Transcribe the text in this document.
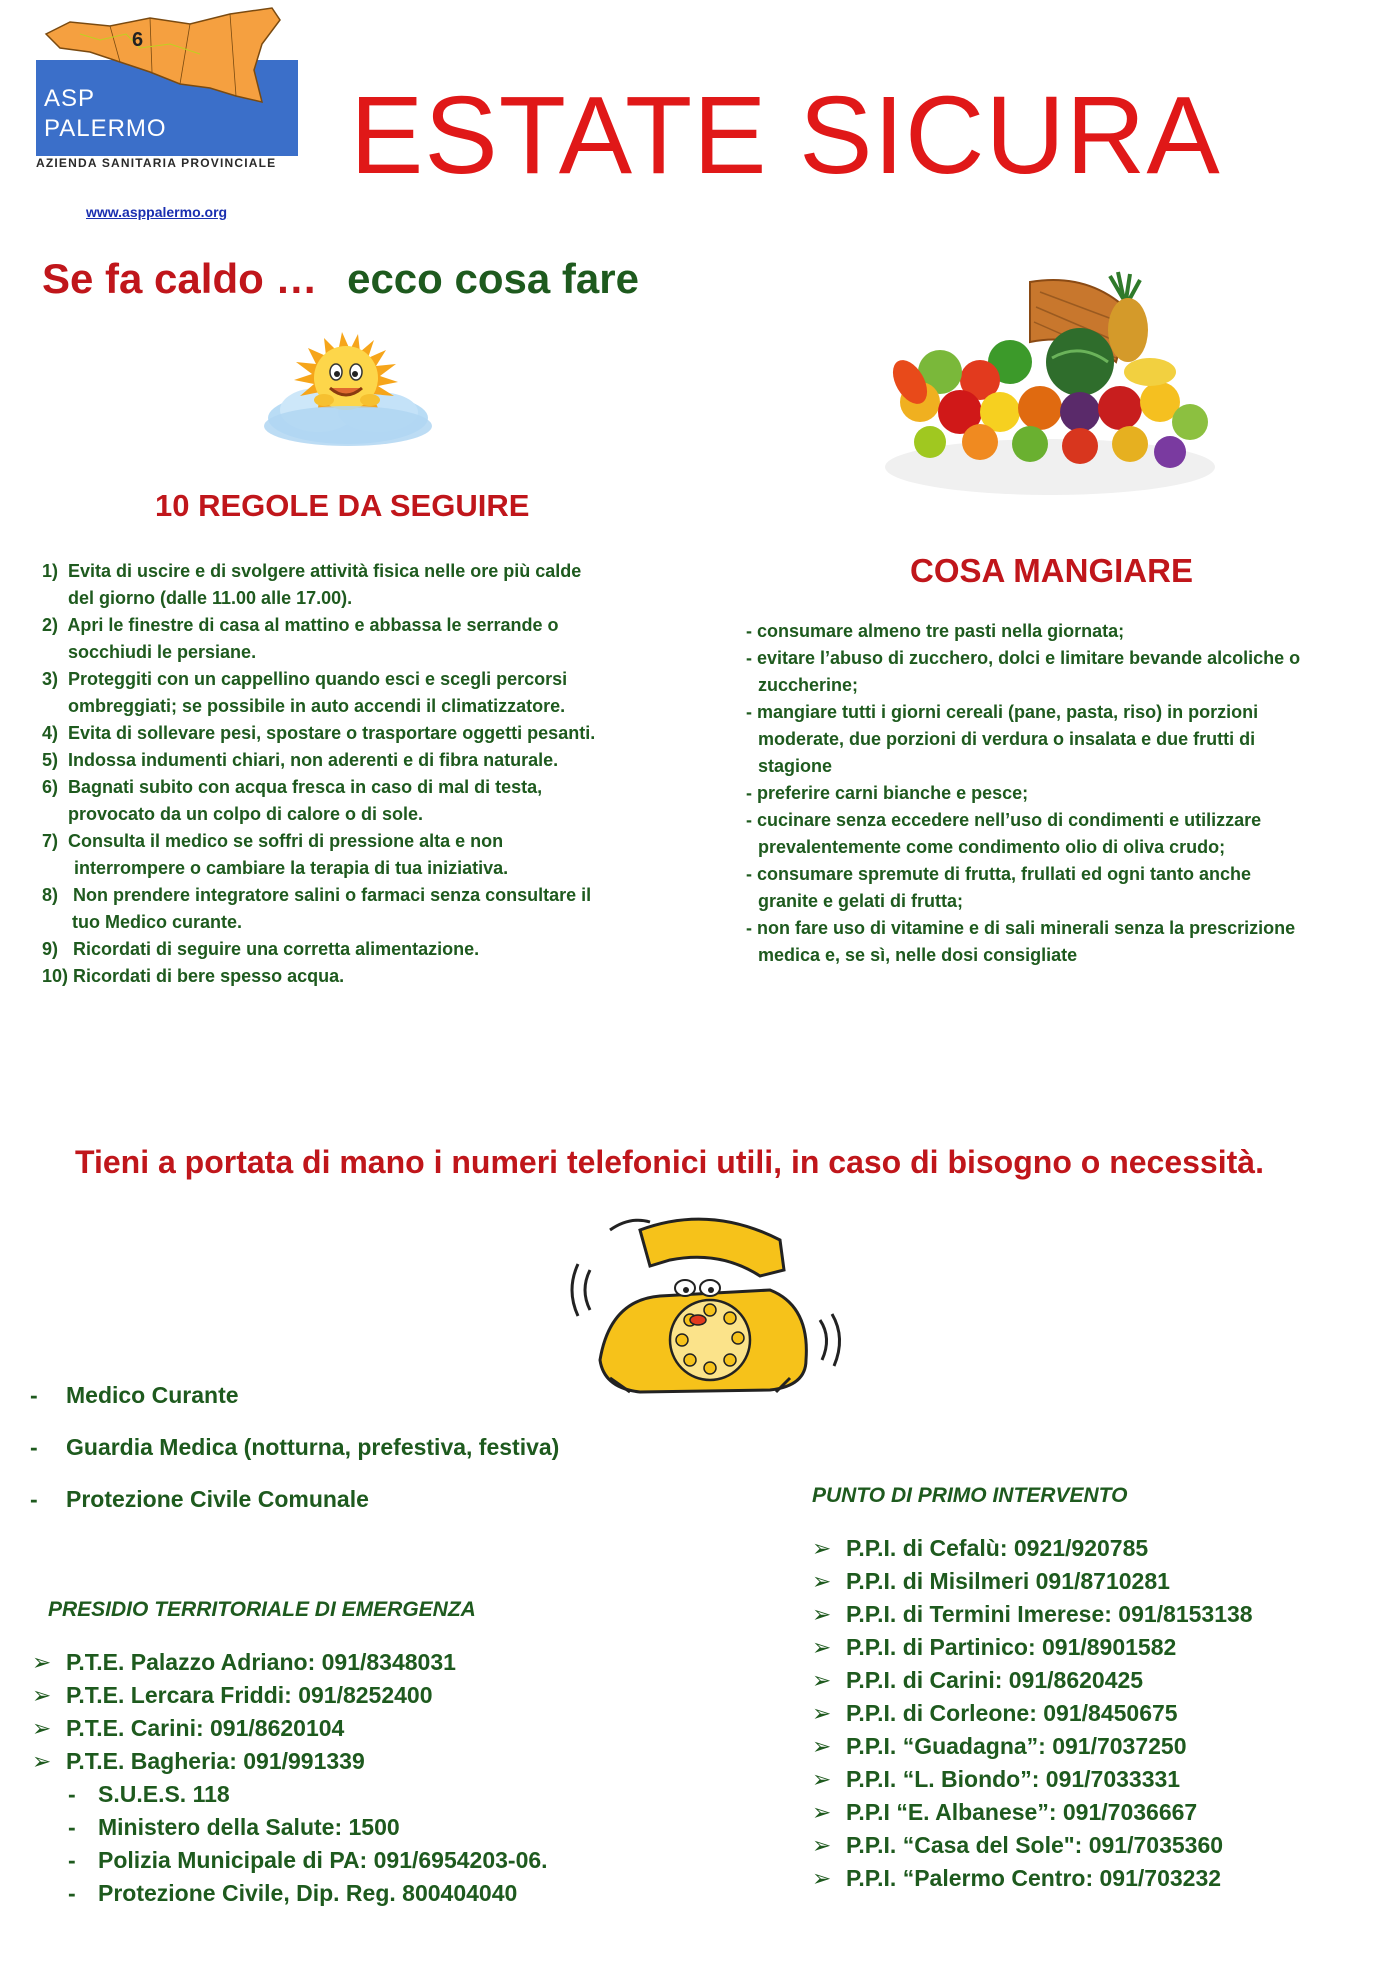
6
ASP
PALERMO
AZIENDA SANITARIA PROVINCIALE
www.asppalermo.org
ESTATE SICURA
Se fa caldo … ecco cosa fare
10 REGOLE DA SEGUIRE
1) Evita di uscire e di svolgere attività fisica nelle ore più calde
del giorno (dalle 11.00 alle 17.00).
2) Apri le finestre di casa al mattino e abbassa le serrande o
socchiudi le persiane.
3) Proteggiti con un cappellino quando esci e scegli percorsi
ombreggiati; se possibile in auto accendi il climatizzatore.
4) Evita di sollevare pesi, spostare o trasportare oggetti pesanti.
5) Indossa indumenti chiari, non aderenti e di fibra naturale.
6) Bagnati subito con acqua fresca in caso di mal di testa,
provocato da un colpo di calore o di sole.
7) Consulta il medico se soffri di pressione alta e non
interrompere o cambiare la terapia di tua iniziativa.
8) Non prendere integratore salini o farmaci senza consultare il
tuo Medico curante.
9) Ricordati di seguire una corretta alimentazione.
10) Ricordati di bere spesso acqua.
COSA MANGIARE
- consumare almeno tre pasti nella giornata;
- evitare l’abuso di zucchero, dolci e limitare bevande alcoliche o
zuccherine;
- mangiare tutti i giorni cereali (pane, pasta, riso) in porzioni
moderate, due porzioni di verdura o insalata e due frutti di
stagione
- preferire carni bianche e pesce;
- cucinare senza eccedere nell’uso di condimenti e utilizzare
prevalentemente come condimento olio di oliva crudo;
- consumare spremute di frutta, frullati ed ogni tanto anche
granite e gelati di frutta;
- non fare uso di vitamine e di sali minerali senza la prescrizione
medica e, se sì, nelle dosi consigliate
Tieni a portata di mano i numeri telefonici utili, in caso di bisogno o necessità.
-	Medico Curante
-	Guardia Medica (notturna, prefestiva, festiva)
-	Protezione Civile Comunale
PRESIDIO TERRITORIALE DI EMERGENZA
➢ P.T.E. Palazzo Adriano: 091/8348031
➢ P.T.E. Lercara Friddi: 091/8252400
➢ P.T.E. Carini: 091/8620104
➢ P.T.E. Bagheria: 091/991339
- S.U.E.S. 118
- Ministero della Salute: 1500
- Polizia Municipale di PA: 091/6954203-06.
- Protezione Civile, Dip. Reg. 800404040
PUNTO DI PRIMO INTERVENTO
➢ P.P.I. di Cefalù: 0921/920785
➢ P.P.I. di Misilmeri 091/8710281
➢ P.P.I. di Termini Imerese: 091/8153138
➢ P.P.I. di Partinico: 091/8901582
➢ P.P.I. di Carini: 091/8620425
➢ P.P.I. di Corleone: 091/8450675
➢ P.P.I. “Guadagna”: 091/7037250
➢ P.P.I. “L. Biondo”: 091/7033331
➢ P.P.I “E. Albanese”: 091/7036667
➢ P.P.I. “Casa del Sole": 091/7035360
➢ P.P.I. “Palermo Centro: 091/703232
